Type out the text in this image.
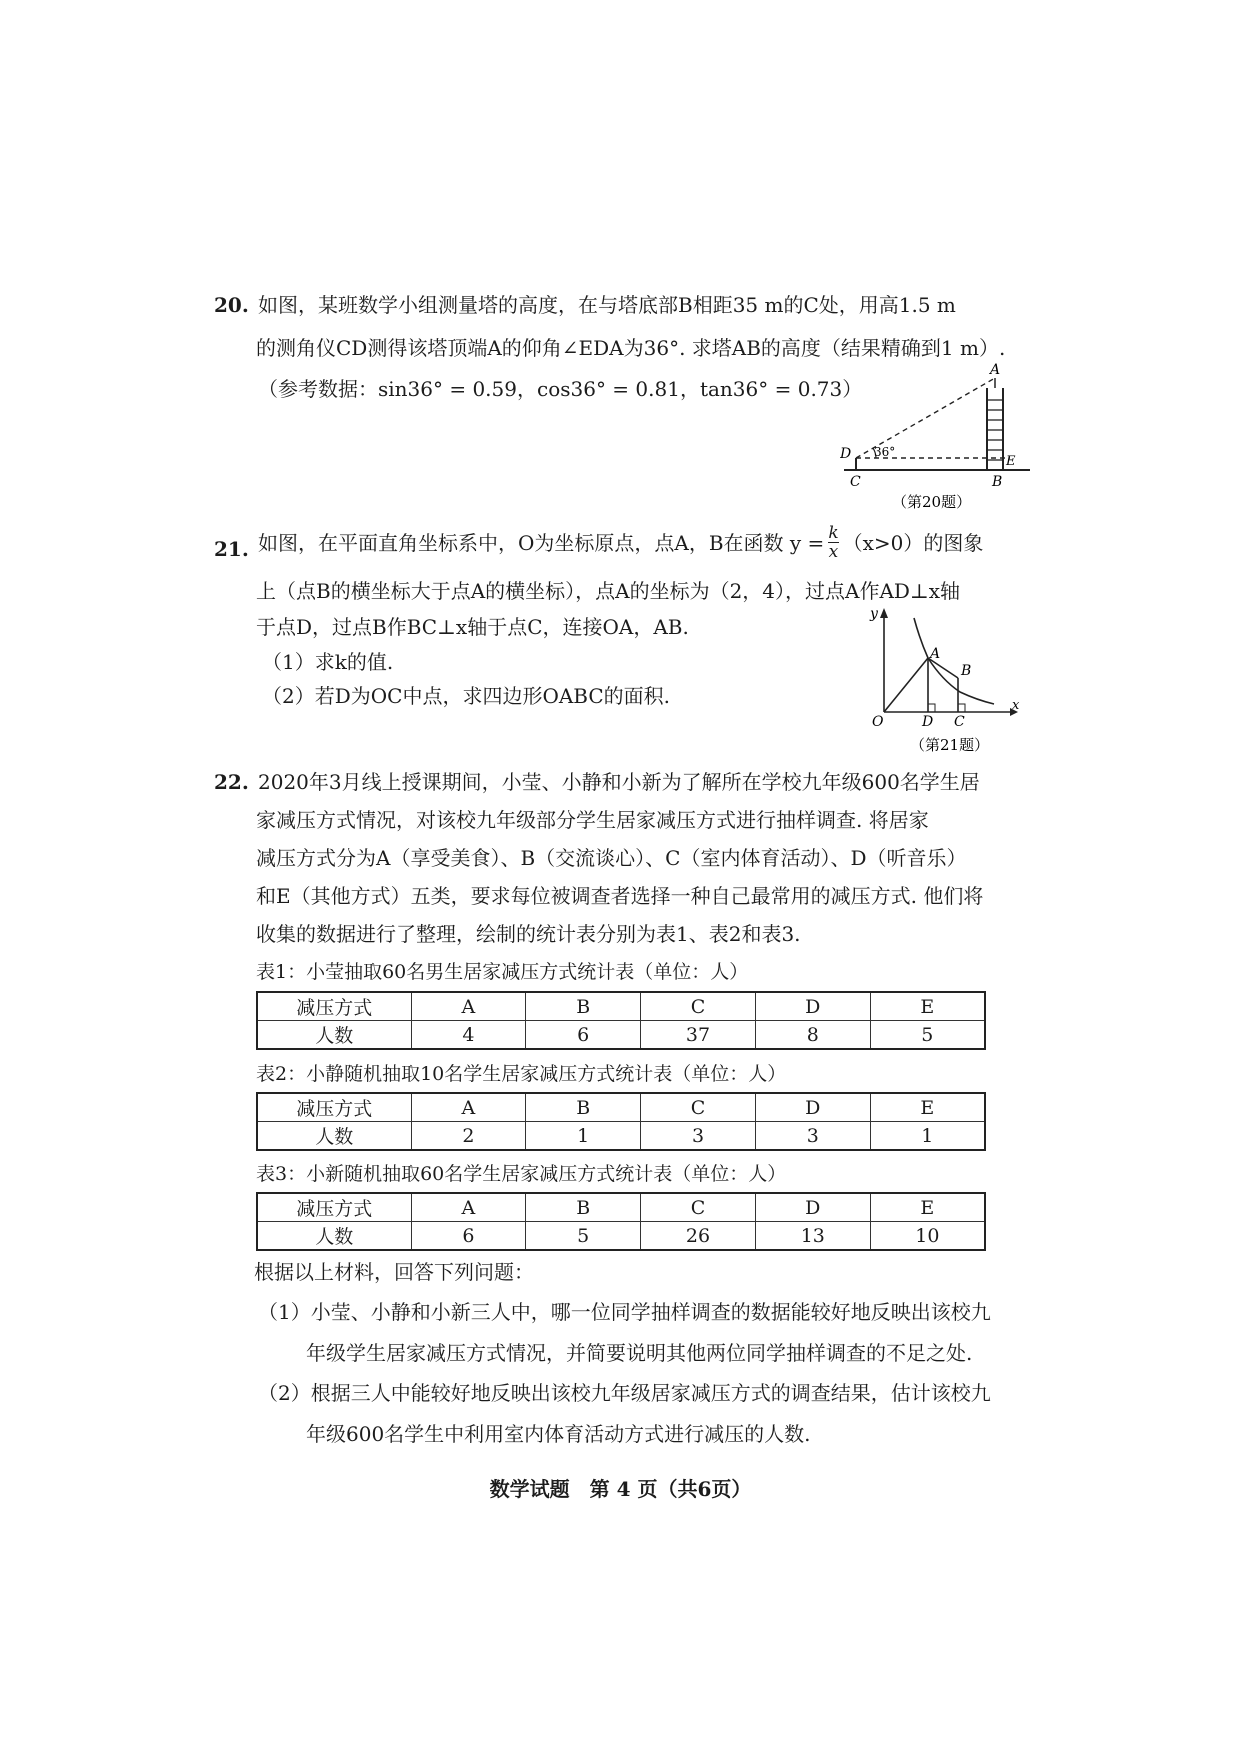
20. 如图，某班数学小组测量塔的高度，在与塔底部B相距35 m的C处，用高1.5 m
的测角仪CD测得该塔顶端A的仰角∠EDA为36°. 求塔AB的高度（结果精确到1 m）.
（参考数据：sin36° = 0.59，cos36° = 0.81，tan36° = 0.73）
A
D 36°
E
C	B
（第20题）
21. 如图，在平面直角坐标系中，O为坐标原点，点A，B在函数 $y = \frac{k}{x} (x>0)$的图象
上（点B的横坐标大于点A的横坐标），点A的坐标为（2，4），过点A作AD⊥x轴
于点D，过点B作BC⊥x轴于点C，连接OA，AB.
（1）求k的值.
（2）若D为OC中点，求四边形OABC的面积.
y
x
O
A
B
D C
（第21题）
22. 2020年3月线上授课期间，小莹、小静和小新为了解所在学校九年级600名学生居
家减压方式情况，对该校九年级部分学生居家减压方式进行抽样调查. 将居家
减压方式分为A（享受美食）、B（交流谈心）、C（室内体育活动）、D（听音乐）
和E（其他方式）五类，要求每位被调查者选择一种自己最常用的减压方式. 他们将
收集的数据进行了整理，绘制的统计表分别为表1、表2和表3.
表1：小莹抽取60名男生居家减压方式统计表（单位：人）
减压方式	A	B	C	D	E
人数	4	6	37	8	5
表2：小静随机抽取10名学生居家减压方式统计表（单位：人）
减压方式	A	B	C	D	E
人数	2	1	3	3	1
表3：小新随机抽取60名学生居家减压方式统计表（单位：人）
减压方式	A	B	C	D	E
人数	6	5	26	13	10
根据以上材料，回答下列问题：
（1）小莹、小静和小新三人中，哪一位同学抽样调查的数据能较好地反映出该校九
年级学生居家减压方式情况，并简要说明其他两位同学抽样调查的不足之处.
（2）根据三人中能较好地反映出该校九年级居家减压方式的调查结果，估计该校九
年级600名学生中利用室内体育活动方式进行减压的人数.
数学试题　第 4 页（共6页）
